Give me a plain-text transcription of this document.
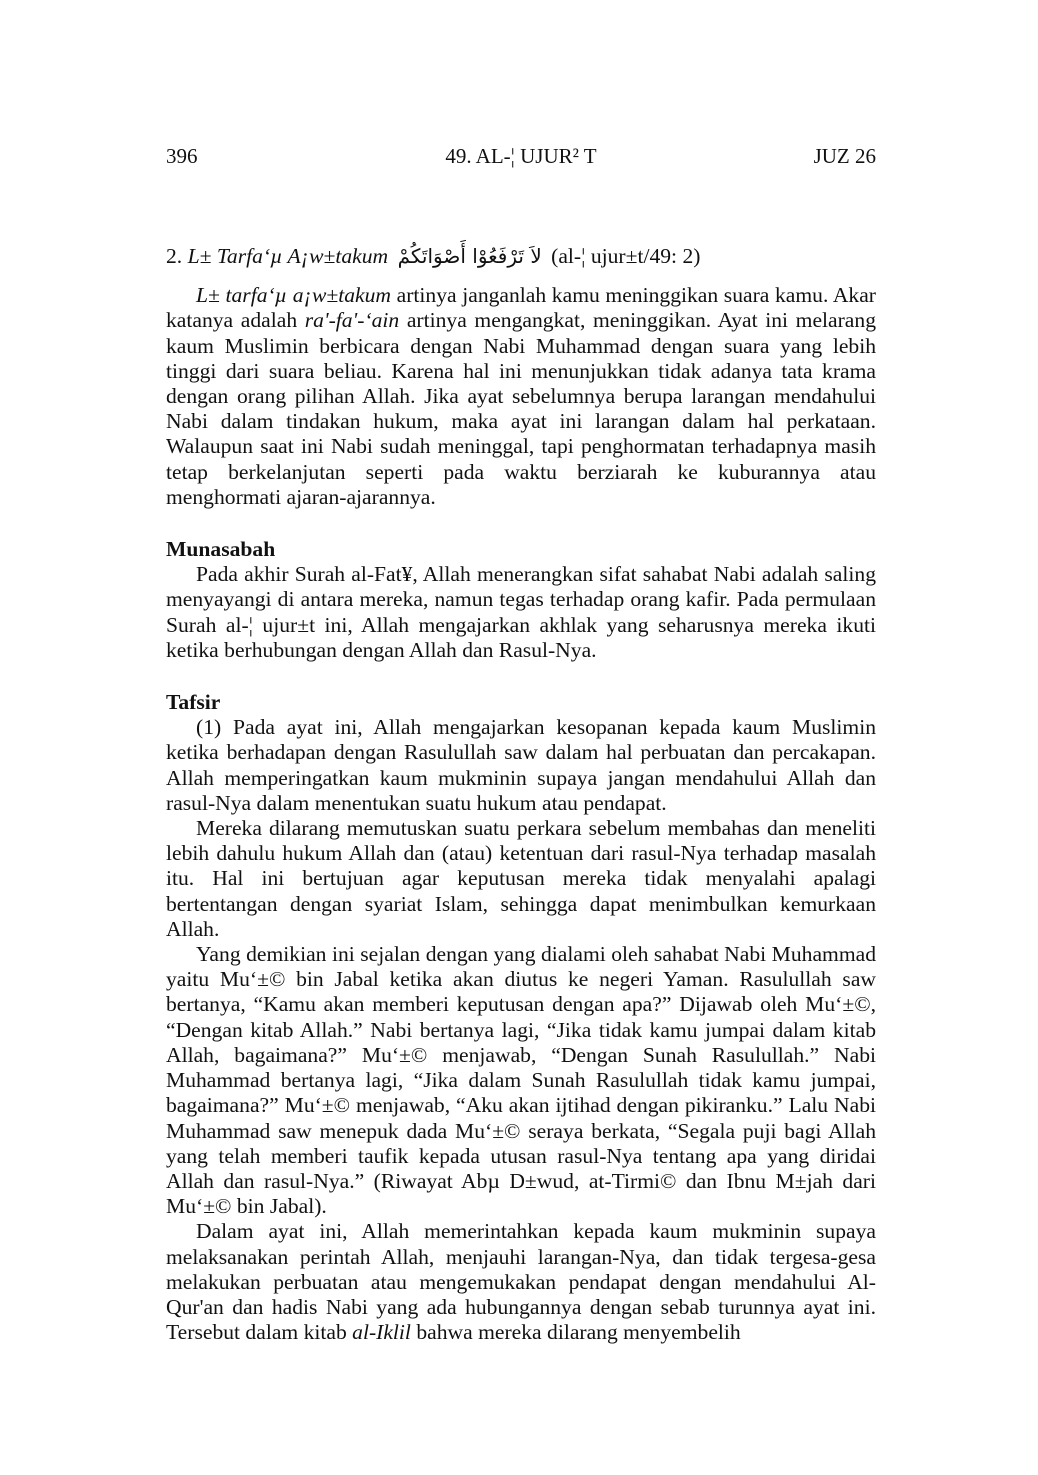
396	49. AL-¦ UJUR² T	JUZ 26

2. L± Tarfa‘µ A¡w±takum لاَ تَرْفَعُوْا أَصْوَاتَكُمْ (al-¦ ujur±t/49: 2)

L± tarfa‘µ a¡w±takum artinya janganlah kamu meninggikan suara kamu. Akar katanya adalah ra'-fa'-‘ain artinya mengangkat, meninggikan. Ayat ini melarang kaum Muslimin berbicara dengan Nabi Muhammad dengan suara yang lebih tinggi dari suara beliau. Karena hal ini menunjukkan tidak adanya tata krama dengan orang pilihan Allah. Jika ayat sebelumnya berupa larangan mendahului Nabi dalam tindakan hukum, maka ayat ini larangan dalam hal perkataan. Walaupun saat ini Nabi sudah meninggal, tapi penghormatan terhadapnya masih tetap berkelanjutan seperti pada waktu berziarah ke kuburannya atau menghormati ajaran-ajarannya.

Munasabah

Pada akhir Surah al-Fat¥, Allah menerangkan sifat sahabat Nabi adalah saling menyayangi di antara mereka, namun tegas terhadap orang kafir. Pada permulaan Surah al-¦ ujur±t ini, Allah mengajarkan akhlak yang seharusnya mereka ikuti ketika berhubungan dengan Allah dan Rasul-Nya.

Tafsir

(1) Pada ayat ini, Allah mengajarkan kesopanan kepada kaum Muslimin ketika berhadapan dengan Rasulullah saw dalam hal perbuatan dan percakapan. Allah memperingatkan kaum mukminin supaya jangan mendahului Allah dan rasul-Nya dalam menentukan suatu hukum atau pendapat.

Mereka dilarang memutuskan suatu perkara sebelum membahas dan meneliti lebih dahulu hukum Allah dan (atau) ketentuan dari rasul-Nya terhadap masalah itu. Hal ini bertujuan agar keputusan mereka tidak menyalahi apalagi bertentangan dengan syariat Islam, sehingga dapat menimbulkan kemurkaan Allah.

Yang demikian ini sejalan dengan yang dialami oleh sahabat Nabi Muhammad yaitu Mu‘±© bin Jabal ketika akan diutus ke negeri Yaman. Rasulullah saw bertanya, “Kamu akan memberi keputusan dengan apa?” Dijawab oleh Mu‘±©, “Dengan kitab Allah.” Nabi bertanya lagi, “Jika tidak kamu jumpai dalam kitab Allah, bagaimana?” Mu‘±© menjawab, “Dengan Sunah Rasulullah.” Nabi Muhammad bertanya lagi, “Jika dalam Sunah Rasulullah tidak kamu jumpai, bagaimana?” Mu‘±© menjawab, “Aku akan ijtihad dengan pikiranku.” Lalu Nabi Muhammad saw menepuk dada Mu‘±© seraya berkata, “Segala puji bagi Allah yang telah memberi taufik kepada utusan rasul-Nya tentang apa yang diridai Allah dan rasul-Nya.” (Riwayat Abµ D±wud, at-Tirmi© dan Ibnu M±jah dari Mu‘±© bin Jabal).

Dalam ayat ini, Allah memerintahkan kepada kaum mukminin supaya melaksanakan perintah Allah, menjauhi larangan-Nya, dan tidak tergesa-gesa melakukan perbuatan atau mengemukakan pendapat dengan mendahului Al-Qur'an dan hadis Nabi yang ada hubungannya dengan sebab turunnya ayat ini. Tersebut dalam kitab al-Iklil bahwa mereka dilarang menyembelih
